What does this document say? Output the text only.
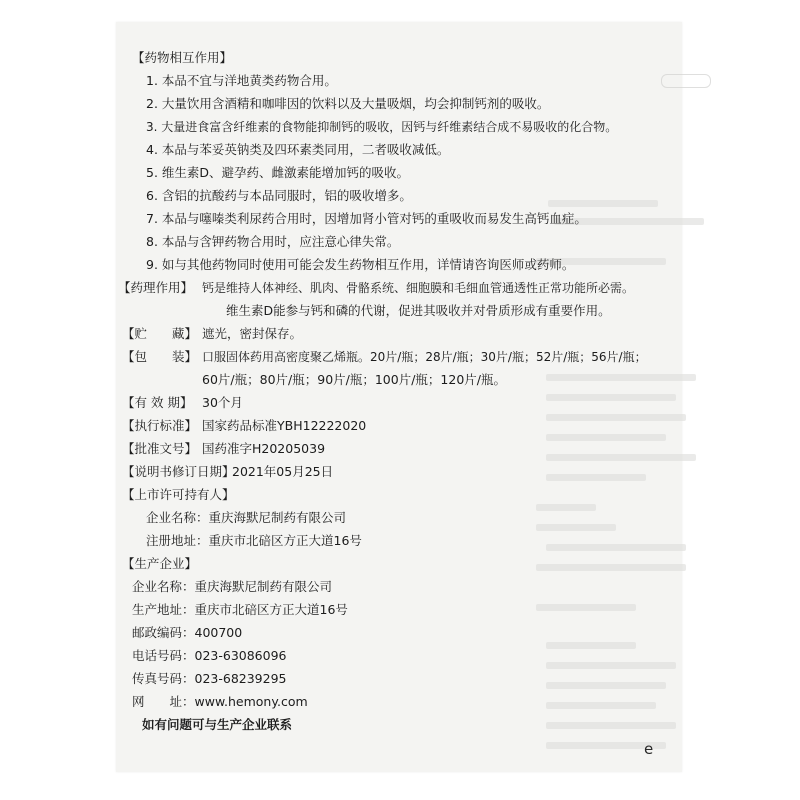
【药物相互作用】
1. 本品不宜与洋地黄类药物合用。
2. 大量饮用含酒精和咖啡因的饮料以及大量吸烟，均会抑制钙剂的吸收。
3. 大量进食富含纤维素的食物能抑制钙的吸收，因钙与纤维素结合成不易吸收的化合物。
4. 本品与苯妥英钠类及四环素类同用，二者吸收减低。
5. 维生素D、避孕药、雌激素能增加钙的吸收。
6. 含铝的抗酸药与本品同服时，铝的吸收增多。
7. 本品与噻嗪类利尿药合用时，因增加肾小管对钙的重吸收而易发生高钙血症。
8. 本品与含钾药物合用时，应注意心律失常。
9. 如与其他药物同时使用可能会发生药物相互作用，详情请咨询医师或药师。
【药理作用】 钙是维持人体神经、肌肉、骨骼系统、细胞膜和毛细血管通透性正常功能所必需。
维生素D能参与钙和磷的代谢，促进其吸收并对骨质形成有重要作用。
【贮　　藏】 遮光，密封保存。
【包　　装】 口服固体药用高密度聚乙烯瓶。20片/瓶；28片/瓶；30片/瓶；52片/瓶；56片/瓶；
60片/瓶；80片/瓶；90片/瓶；100片/瓶；120片/瓶。
【有 效 期】 30个月
【执行标准】 国家药品标准YBH12222020
【批准文号】 国药准字H20205039
【说明书修订日期】
2021年05月25日
【上市许可持有人】
企业名称：重庆海默尼制药有限公司
注册地址：重庆市北碚区方正大道16号
【生产企业】
企业名称：重庆海默尼制药有限公司
生产地址：重庆市北碚区方正大道16号
邮政编码：400700
电话号码：023-63086096
传真号码：023-68239295
网　　址：www.hemony.com
如有问题可与生产企业联系
e
